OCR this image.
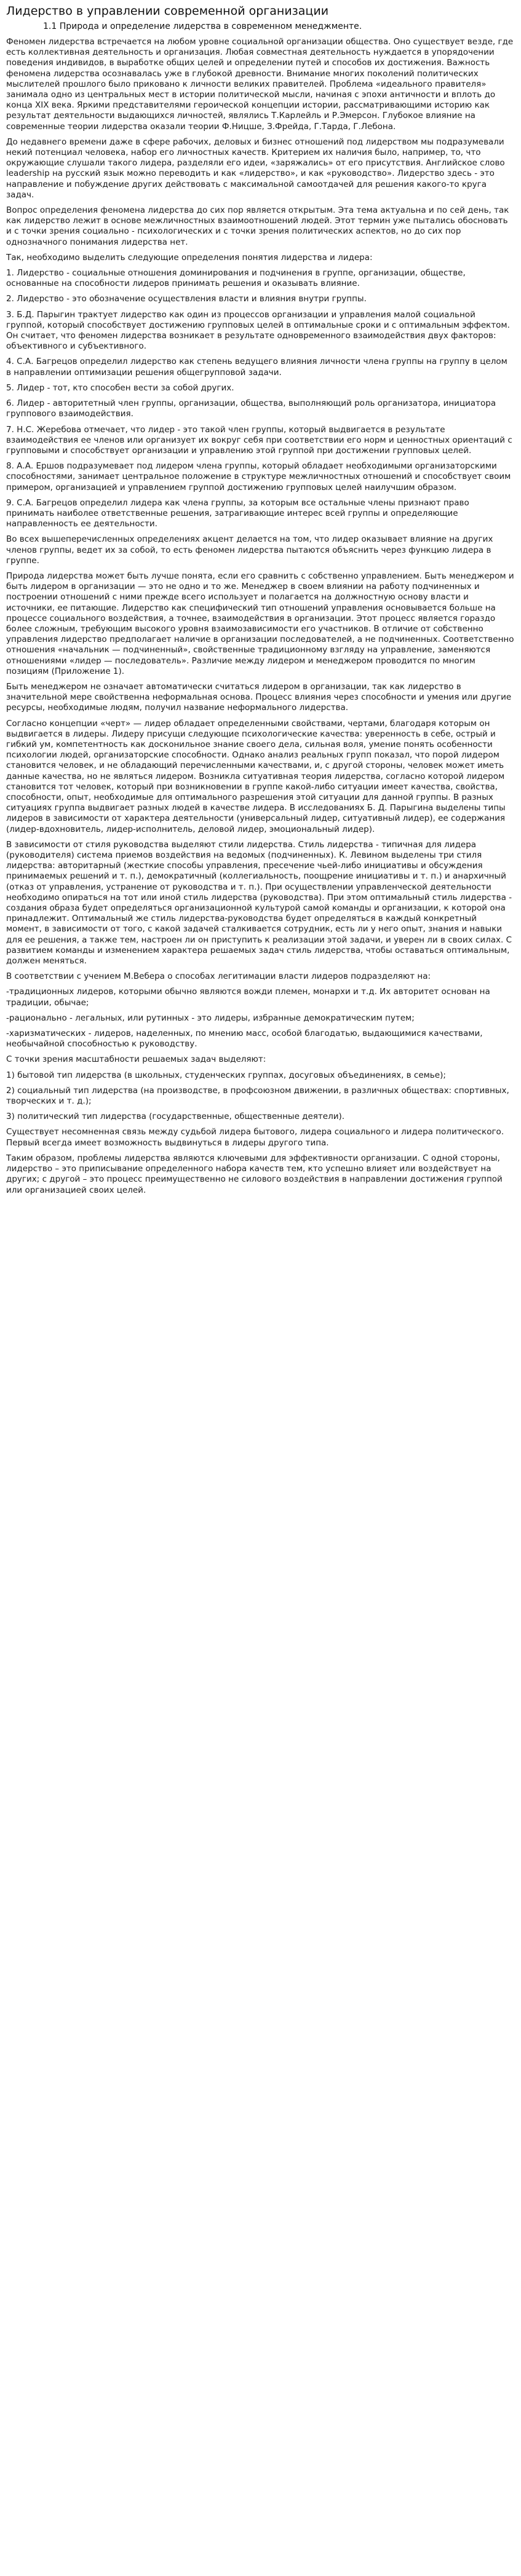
Лидерство в управлении современной организации
1.1 Природа и определение лидерства в современном менеджменте.

Феномен лидерства встречается на любом уровне социальной организации общества. Оно существует везде, где есть коллективная деятельность и организация. Любая совместная деятельность нуждается в упорядочении поведения индивидов, в выработке общих целей и определении путей и способов их достижения. Важность феномена лидерства осознавалась уже в глубокой древности. Внимание многих поколений политических мыслителей прошлого было приковано к личности великих правителей. Проблема «идеального правителя» занимала одно из центральных мест в истории политической мысли, начиная с эпохи античности и вплоть до конца XIX века. Яркими представителями героической концепции истории, рассматривающими историю как результат деятельности выдающихся личностей, являлись Т.Карлейль и Р.Эмерсон. Глубокое влияние на современные теории лидерства оказали теории Ф.Ницше, З.Фрейда, Г.Тарда, Г.Лебона.

До недавнего времени даже в сфере рабочих, деловых и бизнес отношений под лидерством мы подразумевали некий потенциал человека, набор его личностных качеств. Критерием их наличия было, например, то, что окружающие слушали такого лидера, разделяли его идеи, «заряжались» от его присутствия. Английское слово leadership на русский язык можно переводить и как «лидерство», и как «руководство». Лидерство здесь - это направление и побуждение других действовать с максимальной самоотдачей для решения какого-то круга задач.

Вопрос определения феномена лидерства до сих пор является открытым. Эта тема актуальна и по сей день, так как лидерство лежит в основе межличностных взаимоотношений людей. Этот термин уже пытались обосновать и с точки зрения социально - психологических и с точки зрения политических аспектов, но до сих пор однозначного понимания лидерства нет.

Так, необходимо выделить следующие определения понятия лидерства и лидера:

1. Лидерство - социальные отношения доминирования и подчинения в группе, организации, обществе, основанные на способности лидеров принимать решения и оказывать влияние.

2. Лидерство - это обозначение осуществления власти и влияния внутри группы.

3. Б.Д. Парыгин трактует лидерство как один из процессов организации и управления малой социальной группой, который способствует достижению групповых целей в оптимальные сроки и с оптимальным эффектом. Он считает, что феномен лидерства возникает в результате одновременного взаимодействия двух факторов: объективного и субъективного.

4. С.А. Багрецов определил лидерство как степень ведущего влияния личности члена группы на группу в целом в направлении оптимизации решения общегрупповой задачи.

5. Лидер - тот, кто способен вести за собой других.

6. Лидер - авторитетный член группы, организации, общества, выполняющий роль организатора, инициатора группового взаимодействия.

7. Н.С. Жеребова отмечает, что лидер - это такой член группы, который выдвигается в результате взаимодействия ее членов или организует их вокруг себя при соответствии его норм и ценностных ориентаций с групповыми и способствует организации и управлению этой группой при достижении групповых целей.

8. А.А. Ершов подразумевает под лидером члена группы, который обладает необходимыми организаторскими способностями, занимает центральное положение в структуре межличностных отношений и способствует своим примером, организацией и управлением группой достижению групповых целей наилучшим образом.

9. С.А. Багрецов определил лидера как члена группы, за которым все остальные члены признают право принимать наиболее ответственные решения, затрагивающие интерес всей группы и определяющие направленность ее деятельности.

Во всех вышеперечисленных определениях акцент делается на том, что лидер оказывает влияние на других членов группы, ведет их за собой, то есть феномен лидерства пытаются объяснить через функцию лидера в группе.

Природа лидерства может быть лучше понята, если его сравнить с собственно управлением. Быть менеджером и быть лидером в организации — это не одно и то же. Менеджер в своем влиянии на работу подчиненных и построении отношений с ними прежде всего использует и полагается на должностную основу власти и источники, ее питающие. Лидерство как специфический тип отношений управления основывается больше на процессе социального воздействия, а точнее, взаимодействия в организации. Этот процесс является гораздо более сложным, требующим высокого уровня взаимозависимости его участников. В отличие от собственно управления лидерство предполагает наличие в организации последователей, а не подчиненных. Соответственно отношения «начальник — подчиненный», свойственные традиционному взгляду на управление, заменяются отношениями «лидер — последователь». Различие между лидером и менеджером проводится по многим позициям (Приложение 1).

Быть менеджером не означает автоматически считаться лидером в организации, так как лидерство в значительной мере свойственна неформальная основа. Процесс влияния через способности и умения или другие ресурсы, необходимые людям, получил название неформального лидерства.

Согласно концепции «черт» — лидер обладает определенными свойствами, чертами, благодаря которым он выдвигается в лидеры. Лидеру присущи следующие психологические качества: уверенность в себе, острый и гибкий ум, компетентность как досконильное знание своего дела, сильная воля, умение понять особенности психологии людей, организаторские способности. Однако анализ реальных групп показал, что порой лидером становится человек, и не обладающий перечисленными качествами, и, с другой стороны, человек может иметь данные качества, но не являться лидером. Возникла ситуативная теория лидерства, согласно которой лидером становится тот человек, который при возникновении в группе какой-либо ситуации имеет качества, свойства, способности, опыт, необходимые для оптимального разрешения этой ситуации для данной группы. В разных ситуациях группа выдвигает разных людей в качестве лидера. В исследованиях Б. Д. Парыгина выделены типы лидеров в зависимости от характера деятельности (универсальный лидер, ситуативный лидер), ее содержания (лидер-вдохновитель, лидер-исполнитель, деловой лидер, эмоциональный лидер).

В зависимости от стиля руководства выделяют стили лидерства. Стиль лидерства - типичная для лидера (руководителя) система приемов воздействия на ведомых (подчиненных). К. Левином выделены три стиля лидерства: авторитарный (жесткие способы управления, пресечение чьей-либо инициативы и обсуждения принимаемых решений и т. п.), демократичный (коллегиальность, поощрение инициативы и т. п.) и анархичный (отказ от управления, устранение от руководства и т. п.). При осуществлении управленческой деятельности необходимо опираться на тот или иной стиль лидерства (руководства). При этом оптимальный стиль лидерства - создания образа будет определяться организационной культурой самой команды и организации, к которой она принадлежит. Оптимальный же стиль лидерства-руководства будет определяться в каждый конкретный момент, в зависимости от того, с какой задачей сталкивается сотрудник, есть ли у него опыт, знания и навыки для ее решения, а также тем, настроен ли он приступить к реализации этой задачи, и уверен ли в своих силах. С развитием команды и изменением характера решаемых задач стиль лидерства, чтобы оставаться оптимальным, должен меняться.

В соответствии с учением М.Вебера о способах легитимации власти лидеров подразделяют на:

-традиционных лидеров, которыми обычно являются вожди племен, монархи и т.д. Их авторитет основан на традиции, обычае;

-рационально - легальных, или рутинных - это лидеры, избранные демократическим путем;

-харизматических - лидеров, наделенных, по мнению масс, особой благодатью, выдающимися качествами, необычайной способностью к руководству.

С точки зрения масштабности решаемых задач выделяют:

1) бытовой тип лидерства (в школьных, студенческих группах, досуговых объединениях, в семье);

2) социальный тип лидерства (на производстве, в профсоюзном движении, в различных обществах: спортивных, творческих и т. д.);

3) политический тип лидерства (государственные, общественные деятели).

Существует несомненная связь между судьбой лидера бытового, лидера социального и лидера политического. Первый всегда имеет возможность выдвинуться в лидеры другого типа.

Таким образом, проблемы лидерства являются ключевыми для эффективности организации. С одной стороны, лидерство – это приписывание определенного набора качеств тем, кто успешно влияет или воздействует на других; с другой – это процесс преимущественно не силового воздействия в направлении достижения группой или организацией своих целей.
